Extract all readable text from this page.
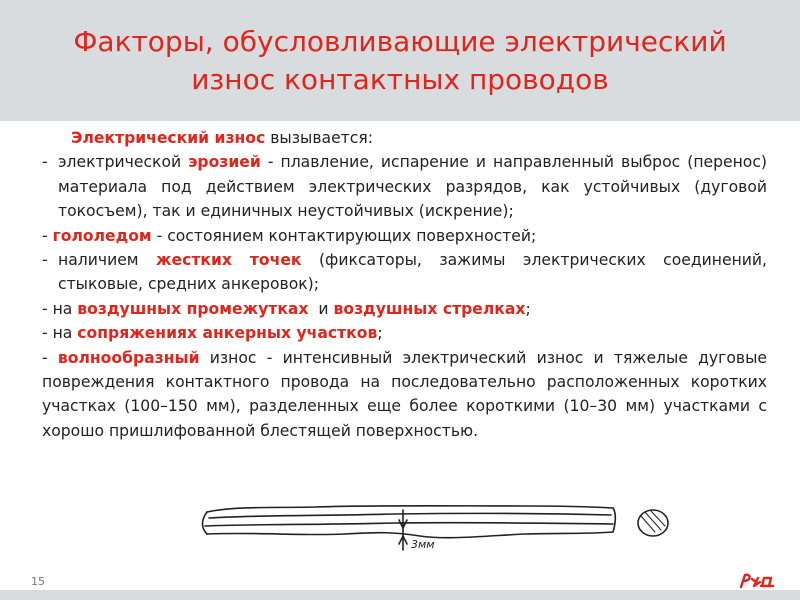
Факторы, обусловливающие электрический
износ контактных проводов

Электрический износ вызывается:

- электрической эрозией - плавление, испарение и направленный выброс (перенос) материала под действием электрических разрядов, как устойчивых (дуговой токосъем), так и единичных неустойчивых (искрение);

- гололедом - состоянием контактирующих поверхностей;

- наличием жестких точек (фиксаторы, зажимы электрических соединений, стыковые, средних анкеровок);

- на воздушных промежутках  и воздушных стрелках;

- на сопряжениях анкерных участков;

- волнообразный износ - интенсивный электрический износ и тяжелые дуговые повреждения контактного провода на последовательно расположенных коротких участках (100–150 мм), разделенных еще более короткими (10–30 мм) участками с хорошо пришлифованной блестящей поверхностью.

3мм
15
